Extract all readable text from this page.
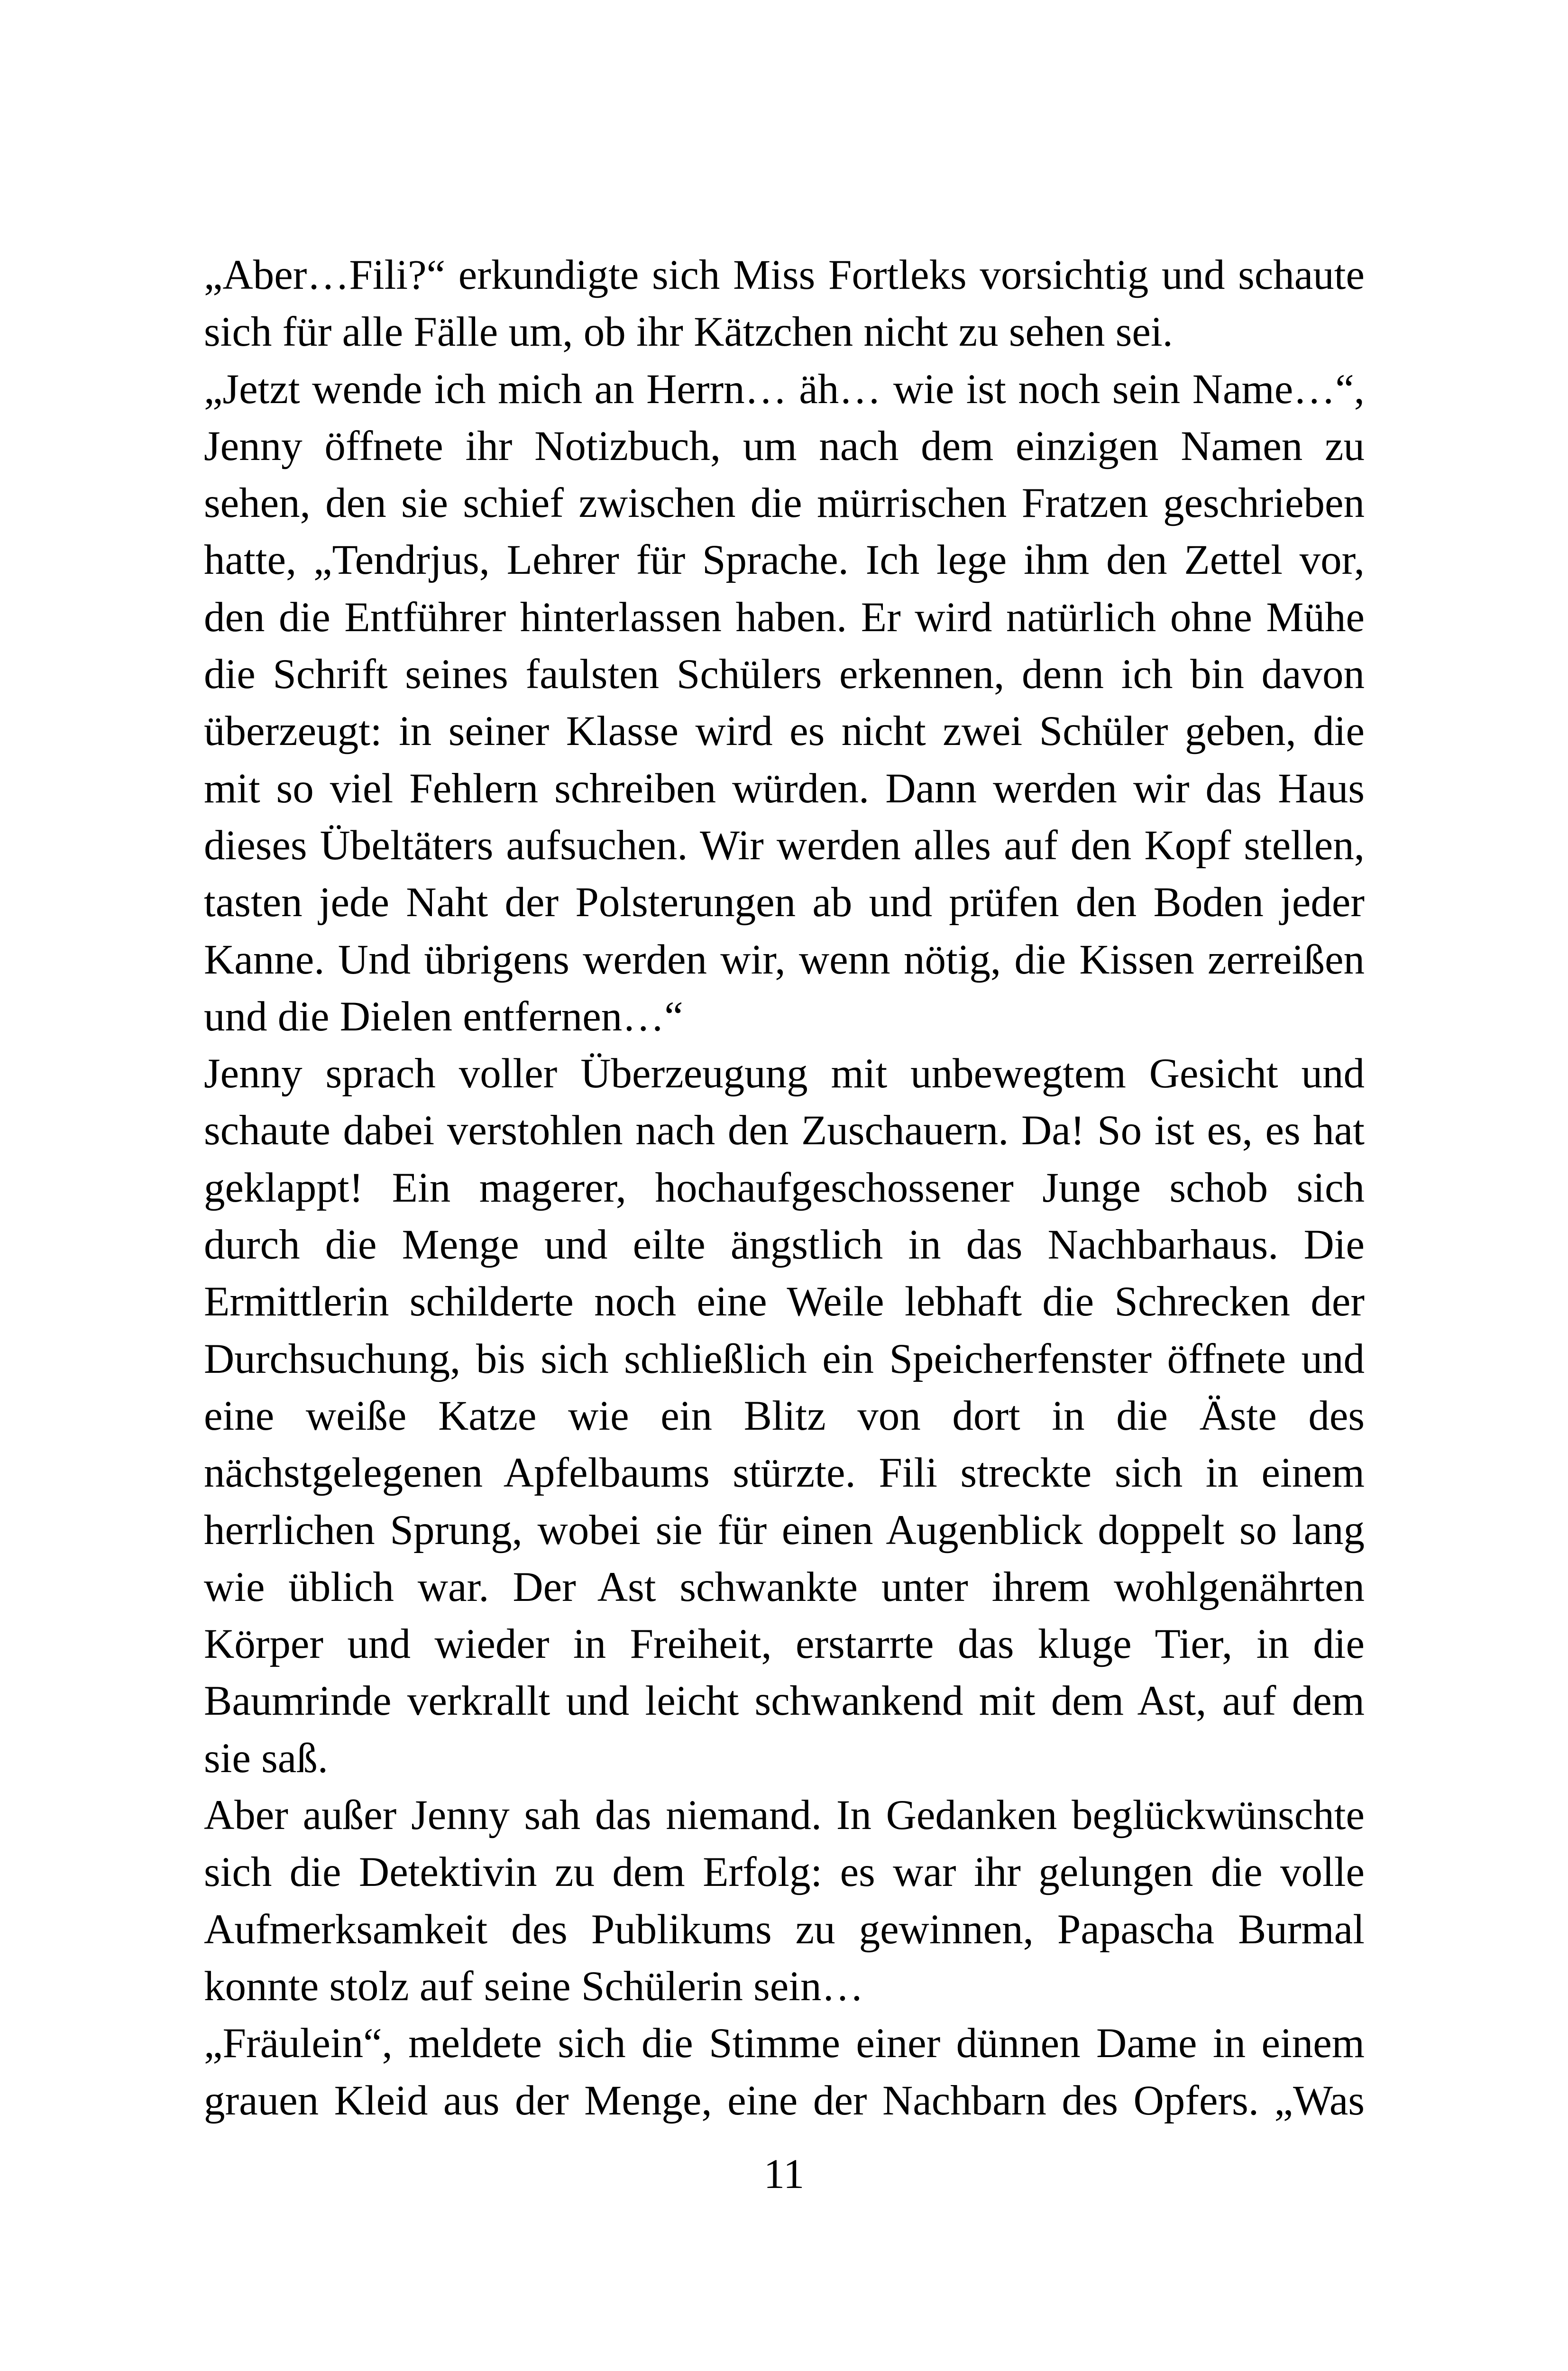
„Aber…Fili?“ erkundigte sich Miss Fortleks vorsichtig und schaute
sich für alle Fälle um, ob ihr Kätzchen nicht zu sehen sei.
„Jetzt wende ich mich an Herrn… äh… wie ist noch sein Name…“,
Jenny öffnete ihr Notizbuch, um nach dem einzigen Namen zu
sehen, den sie schief zwischen die mürrischen Fratzen geschrieben
hatte, „Tendrjus, Lehrer für Sprache. Ich lege ihm den Zettel vor,
den die Entführer hinterlassen haben. Er wird natürlich ohne Mühe
die Schrift seines faulsten Schülers erkennen, denn ich bin davon
überzeugt: in seiner Klasse wird es nicht zwei Schüler geben, die
mit so viel Fehlern schreiben würden. Dann werden wir das Haus
dieses Übeltäters aufsuchen. Wir werden alles auf den Kopf stellen,
tasten jede Naht der Polsterungen ab und prüfen den Boden jeder
Kanne. Und übrigens werden wir, wenn nötig, die Kissen zerreißen
und die Dielen entfernen…“
Jenny sprach voller Überzeugung mit unbewegtem Gesicht und
schaute dabei verstohlen nach den Zuschauern. Da! So ist es, es hat
geklappt! Ein magerer, hochaufgeschossener Junge schob sich
durch die Menge und eilte ängstlich in das Nachbarhaus. Die
Ermittlerin schilderte noch eine Weile lebhaft die Schrecken der
Durchsuchung, bis sich schließlich ein Speicherfenster öffnete und
eine weiße Katze wie ein Blitz von dort in die Äste des
nächstgelegenen Apfelbaums stürzte. Fili streckte sich in einem
herrlichen Sprung, wobei sie für einen Augenblick doppelt so lang
wie üblich war. Der Ast schwankte unter ihrem wohlgenährten
Körper und wieder in Freiheit, erstarrte das kluge Tier, in die
Baumrinde verkrallt und leicht schwankend mit dem Ast, auf dem
sie saß.
Aber außer Jenny sah das niemand. In Gedanken beglückwünschte
sich die Detektivin zu dem Erfolg: es war ihr gelungen die volle
Aufmerksamkeit des Publikums zu gewinnen, Papascha Burmal
konnte stolz auf seine Schülerin sein…
„Fräulein“, meldete sich die Stimme einer dünnen Dame in einem
grauen Kleid aus der Menge, eine der Nachbarn des Opfers. „Was
11
